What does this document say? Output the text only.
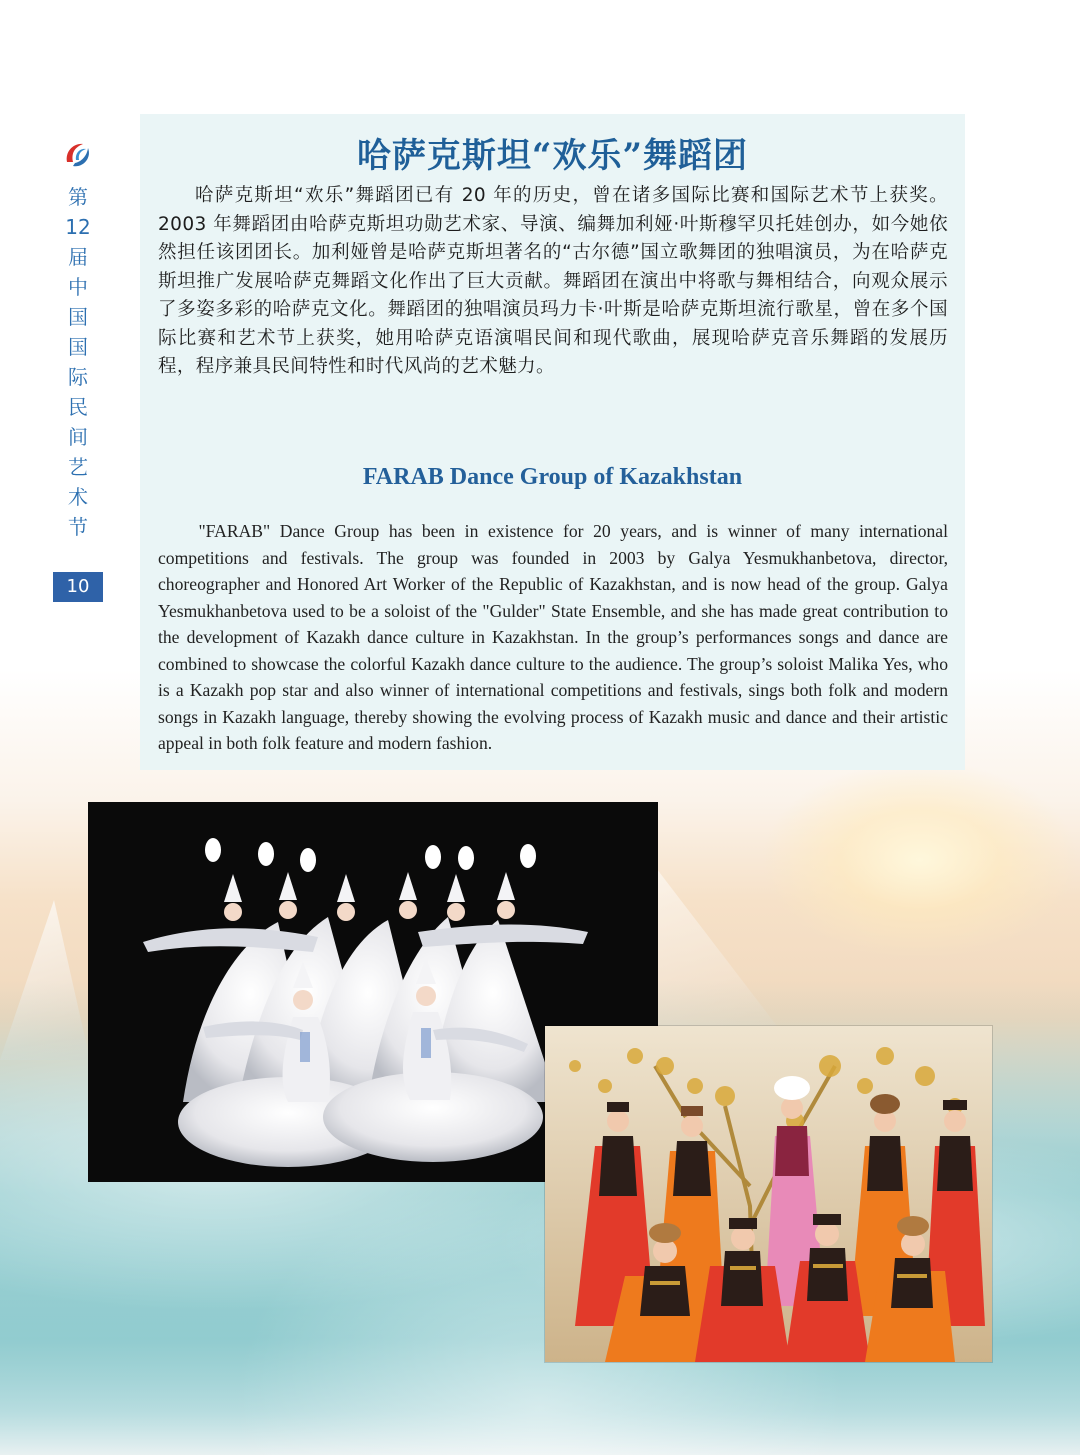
第
12
届
中
国
国
际
民
间
艺
术
节
10
哈萨克斯坦“欢乐”舞蹈团

哈萨克斯坦“欢乐”舞蹈团已有 20 年的历史，曾在诸多国际比赛和国际艺术节上获奖。2003 年舞蹈团由哈萨克斯坦功勋艺术家、导演、编舞加利娅·叶斯穆罕贝托娃创办，如今她依然担任该团团长。加利娅曾是哈萨克斯坦著名的“古尔德”国立歌舞团的独唱演员，为在哈萨克斯坦推广发展哈萨克舞蹈文化作出了巨大贡献。舞蹈团在演出中将歌与舞相结合，向观众展示了多姿多彩的哈萨克文化。舞蹈团的独唱演员玛力卡·叶斯是哈萨克斯坦流行歌星，曾在多个国际比赛和艺术节上获奖，她用哈萨克语演唱民间和现代歌曲，展现哈萨克音乐舞蹈的发展历程，程序兼具民间特性和时代风尚的艺术魅力。

FARAB Dance Group of Kazakhstan

"FARAB" Dance Group has been in existence for 20 years, and is winner of many international competitions and festivals. The group was founded in 2003 by Galya Yesmukhanbetova, director, choreographer and Honored Art Worker of the Republic of Kazakhstan, and is now head of the group. Galya Yesmukhanbetova used to be a soloist of the "Gulder" State Ensemble, and she has made great contribution to the development of Kazakh dance culture in Kazakhstan. In the group’s performances songs and dance are combined to showcase the colorful Kazakh dance culture to the audience. The group’s soloist Malika Yes, who is a Kazakh pop star and also winner of international competitions and festivals, sings both folk and modern songs in Kazakh language, thereby showing the evolving process of Kazakh music and dance and their artistic appeal in both folk feature and modern fashion.
